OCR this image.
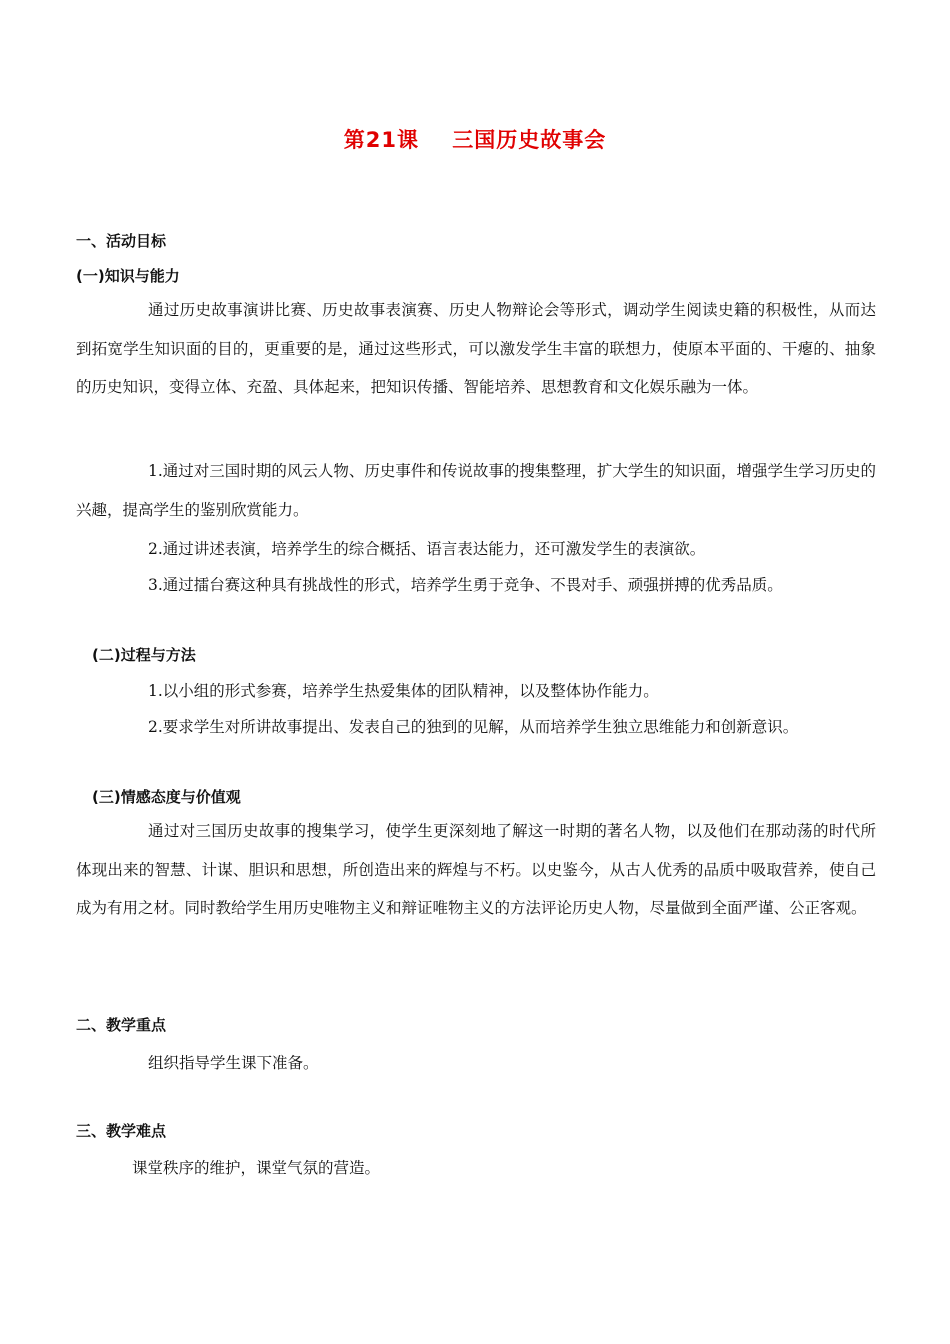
第21课    三国历史故事会
一、活动目标
(一)知识与能力

通过历史故事演讲比赛、历史故事表演赛、历史人物辩论会等形式，调动学生阅读史籍的积极性，从而达到拓宽学生知识面的目的，更重要的是，通过这些形式，可以激发学生丰富的联想力，使原本平面的、干瘪的、抽象的历史知识，变得立体、充盈、具体起来，把知识传播、智能培养、思想教育和文化娱乐融为一体。

1.通过对三国时期的风云人物、历史事件和传说故事的搜集整理，扩大学生的知识面，增强学生学习历史的兴趣，提高学生的鉴别欣赏能力。

2.通过讲述表演，培养学生的综合概括、语言表达能力，还可激发学生的表演欲。

3.通过擂台赛这种具有挑战性的形式，培养学生勇于竞争、不畏对手、顽强拼搏的优秀品质。

(二)过程与方法

1.以小组的形式参赛，培养学生热爱集体的团队精神，以及整体协作能力。

2.要求学生对所讲故事提出、发表自己的独到的见解，从而培养学生独立思维能力和创新意识。

(三)情感态度与价值观

通过对三国历史故事的搜集学习，使学生更深刻地了解这一时期的著名人物，以及他们在那动荡的时代所体现出来的智慧、计谋、胆识和思想，所创造出来的辉煌与不朽。以史鉴今，从古人优秀的品质中吸取营养，使自己成为有用之材。同时教给学生用历史唯物主义和辩证唯物主义的方法评论历史人物，尽量做到全面严谨、公正客观。

二、教学重点
组织指导学生课下准备。
三、教学难点
课堂秩序的维护，课堂气氛的营造。
